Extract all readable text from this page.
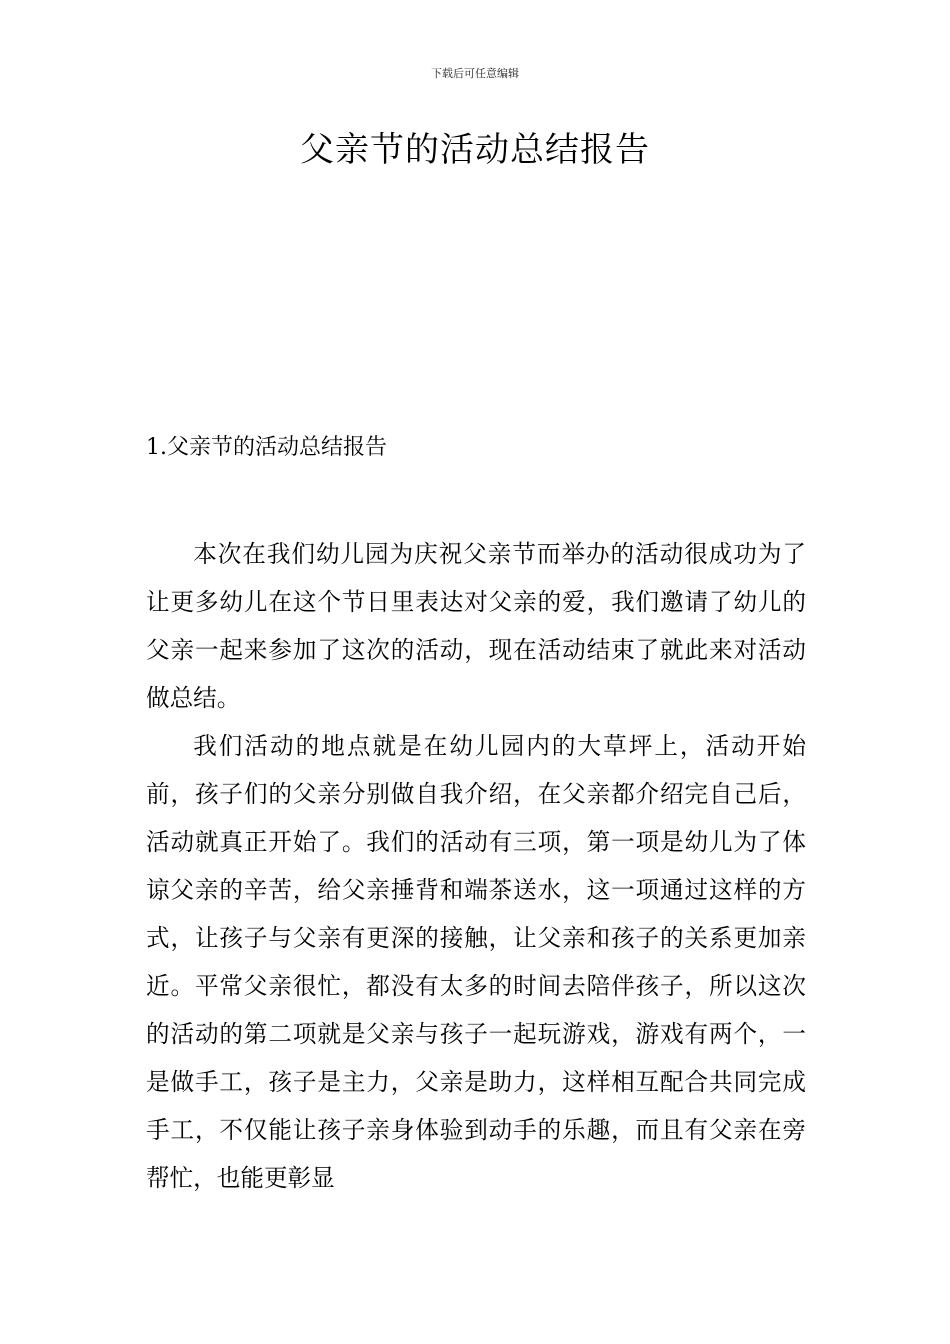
下载后可任意编辑
父亲节的活动总结报告
1.父亲节的活动总结报告

本次在我们幼儿园为庆祝父亲节而举办的活动很成功为了让更多幼儿在这个节日里表达对父亲的爱，我们邀请了幼儿的父亲一起来参加了这次的活动，现在活动结束了就此来对活动做总结。

我们活动的地点就是在幼儿园内的大草坪上，活动开始前，孩子们的父亲分别做自我介绍，在父亲都介绍完自己后，活动就真正开始了。我们的活动有三项，第一项是幼儿为了体谅父亲的辛苦，给父亲捶背和端茶送水，这一项通过这样的方式，让孩子与父亲有更深的接触，让父亲和孩子的关系更加亲近。平常父亲很忙，都没有太多的时间去陪伴孩子，所以这次的活动的第二项就是父亲与孩子一起玩游戏，游戏有两个，一是做手工，孩子是主力，父亲是助力，这样相互配合共同完成手工，不仅能让孩子亲身体验到动手的乐趣，而且有父亲在旁帮忙，也能更彰显
